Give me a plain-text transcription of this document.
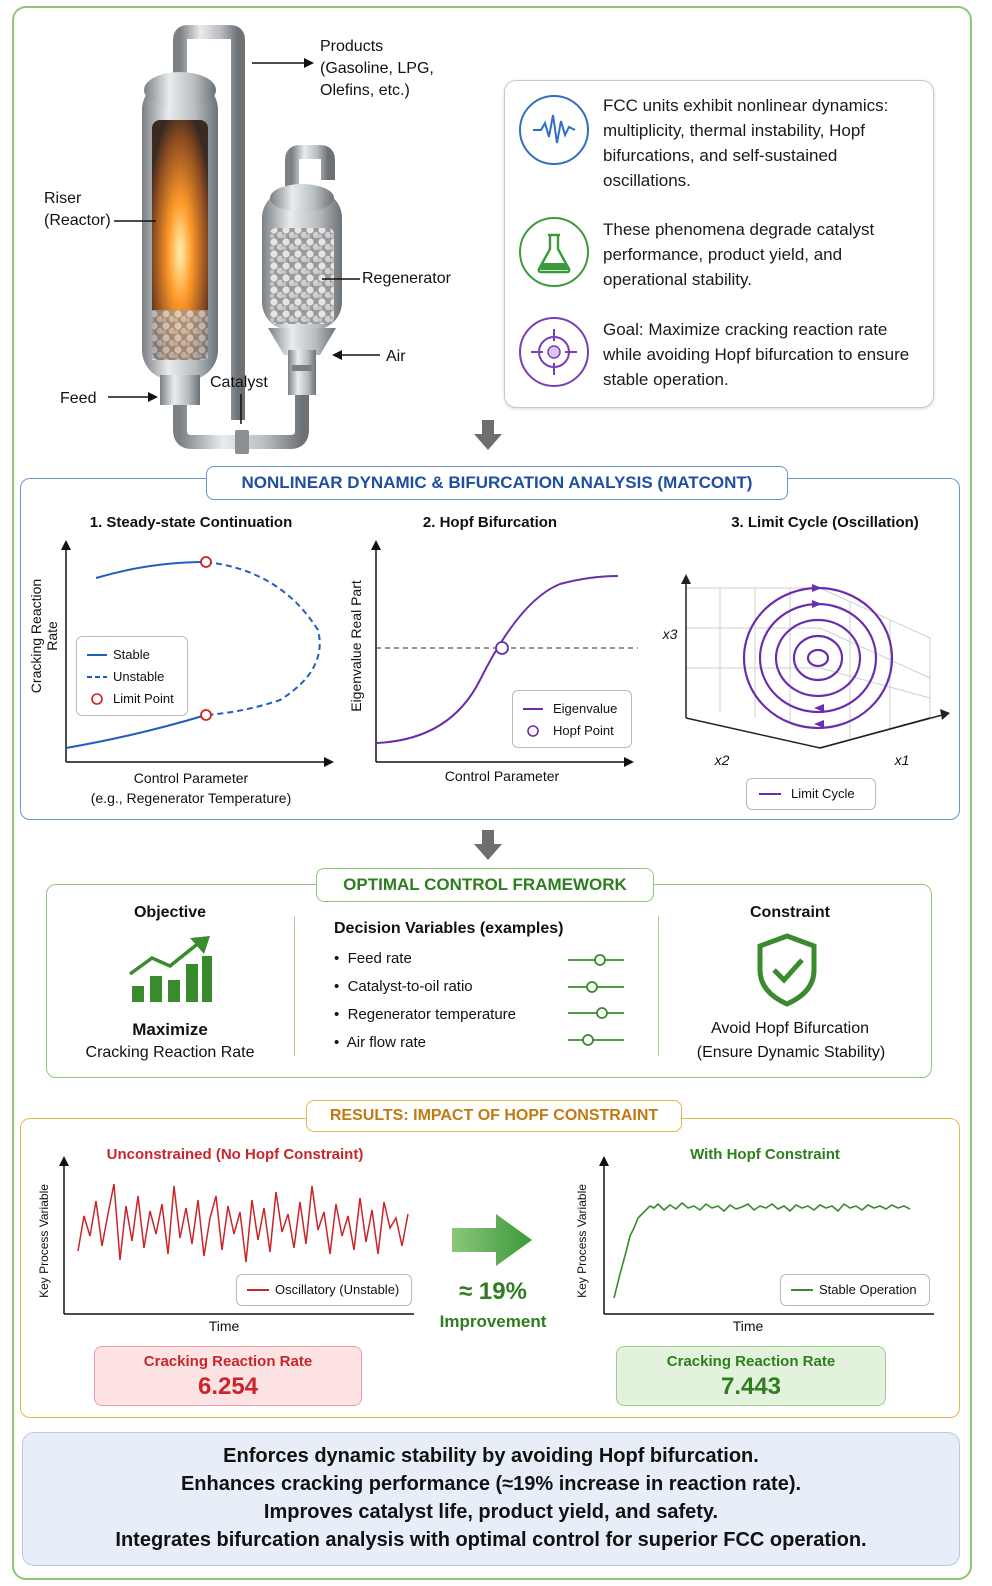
Products
(Gasoline, LPG,
Olefins, etc.)
Riser
(Reactor)
Regenerator
Air
Feed
Catalyst
FCC units exhibit nonlinear dynamics: multiplicity, thermal instability, Hopf bifurcations, and self-sustained oscillations.
These phenomena degrade catalyst performance, product yield, and operational stability.
Goal: Maximize cracking reaction rate while avoiding Hopf bifurcation to ensure stable operation.
NONLINEAR DYNAMIC & BIFURCATION ANALYSIS (MATCONT)
1. Steady-state Continuation
Cracking Reaction Rate
Control Parameter
(e.g., Regenerator Temperature)
Stable
Unstable
Limit Point
2. Hopf Bifurcation
Eigenvalue Real Part
Control Parameter
Eigenvalue
Hopf Point
3. Limit Cycle (Oscillation)
x3
x2	x1
Limit Cycle
OPTIMAL CONTROL FRAMEWORK
Objective
Maximize
Cracking Reaction Rate
Decision Variables (examples)
•  Feed rate
•  Catalyst-to-oil ratio
•  Regenerator temperature
•  Air flow rate
Constraint
Avoid Hopf Bifurcation
(Ensure Dynamic Stability)
RESULTS: IMPACT OF HOPF CONSTRAINT
Unconstrained (No Hopf Constraint)
Key Process Variable
Time
Oscillatory (Unstable)
Cracking Reaction Rate
6.254
≈ 19%
Improvement
With Hopf Constraint
Key Process Variable
Time
Stable Operation
Cracking Reaction Rate
7.443
Enforces dynamic stability by avoiding Hopf bifurcation.
Enhances cracking performance (≈19% increase in reaction rate).
Improves catalyst life, product yield, and safety.
Integrates bifurcation analysis with optimal control for superior FCC operation.
